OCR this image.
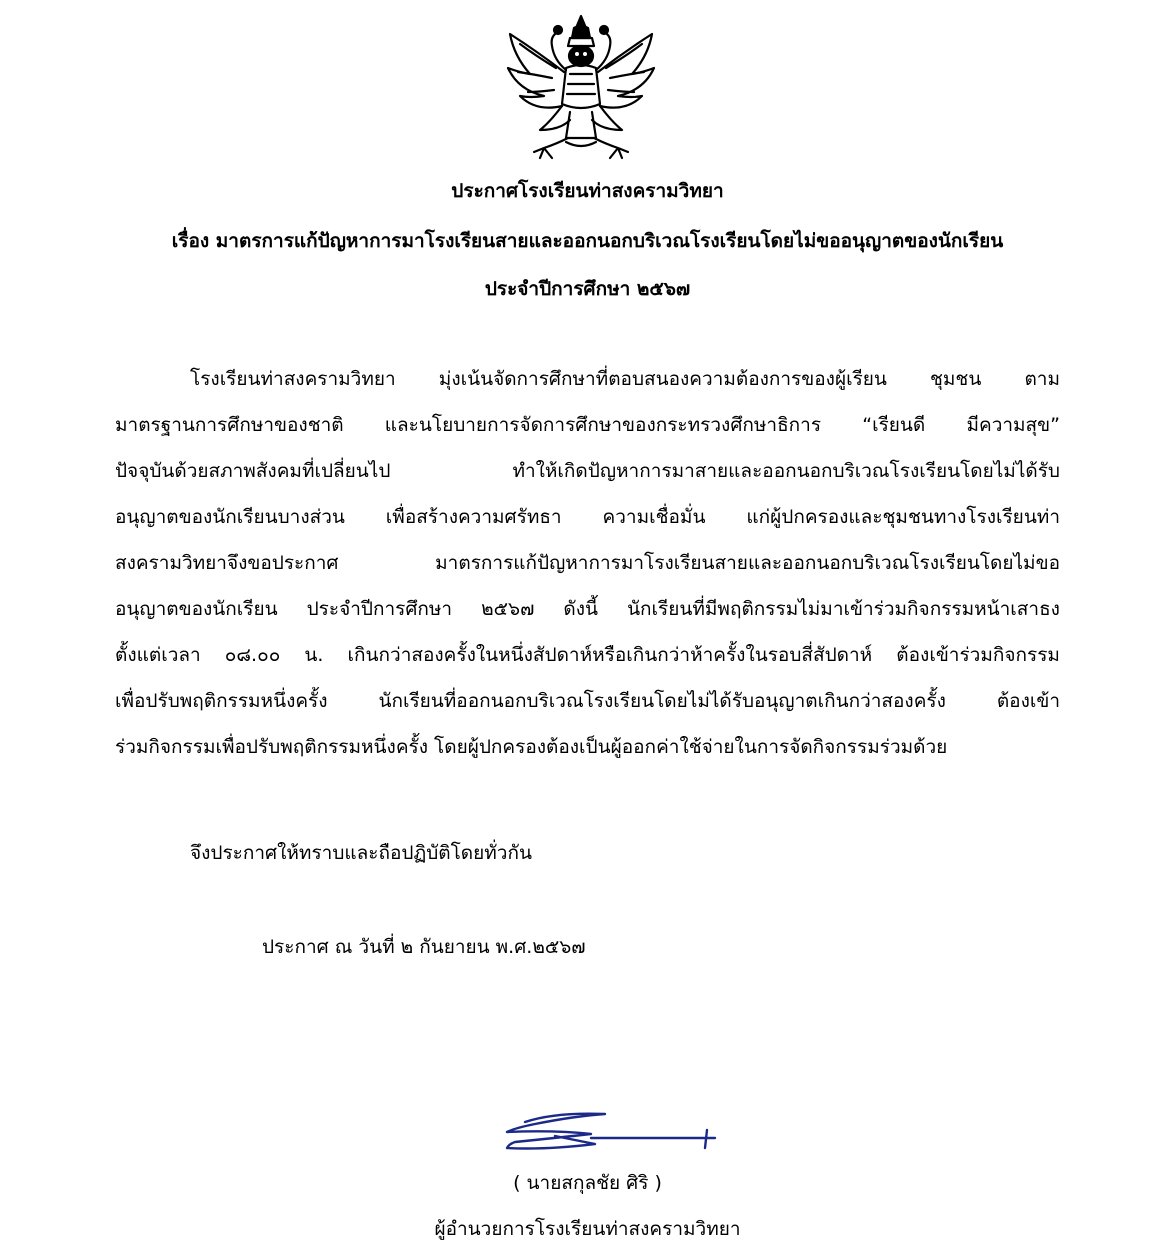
ประกาศโรงเรียนท่าสงครามวิทยา
เรื่อง มาตรการแก้ปัญหาการมาโรงเรียนสายและออกนอกบริเวณโรงเรียนโดยไม่ขออนุญาตของนักเรียน
ประจำปีการศึกษา ๒๕๖๗
โรงเรียนท่าสงครามวิทยา มุ่งเน้นจัดการศึกษาที่ตอบสนองความต้องการของผู้เรียน ชุมชน ตาม
มาตรฐานการศึกษาของชาติ และนโยบายการจัดการศึกษาของกระทรวงศึกษาธิการ “เรียนดี มีความสุข”
ปัจจุบันด้วยสภาพสังคมที่เปลี่ยนไป	ทำให้เกิดปัญหาการมาสายและออกนอกบริเวณโรงเรียนโดยไม่ได้รับ
อนุญาตของนักเรียนบางส่วน เพื่อสร้างความศรัทธา ความเชื่อมั่น แก่ผู้ปกครองและชุมชนทางโรงเรียนท่า
สงครามวิทยาจึงขอประกาศ	มาตรการแก้ปัญหาการมาโรงเรียนสายและออกนอกบริเวณโรงเรียนโดยไม่ขอ
อนุญาตของนักเรียน ประจำปีการศึกษา ๒๕๖๗ ดังนี้ นักเรียนที่มีพฤติกรรมไม่มาเข้าร่วมกิจกรรมหน้าเสาธง
ตั้งแต่เวลา ๐๘.๐๐ น. เกินกว่าสองครั้งในหนึ่งสัปดาห์หรือเกินกว่าห้าครั้งในรอบสี่สัปดาห์ ต้องเข้าร่วมกิจกรรม
เพื่อปรับพฤติกรรมหนึ่งครั้ง	นักเรียนที่ออกนอกบริเวณโรงเรียนโดยไม่ได้รับอนุญาตเกินกว่าสองครั้ง	ต้องเข้า
ร่วมกิจกรรมเพื่อปรับพฤติกรรมหนึ่งครั้ง โดยผู้ปกครองต้องเป็นผู้ออกค่าใช้จ่ายในการจัดกิจกรรมร่วมด้วย
จึงประกาศให้ทราบและถือปฏิบัติโดยทั่วกัน
ประกาศ ณ วันที่ ๒ กันยายน พ.ศ.๒๕๖๗
( นายสกุลชัย ศิริ )
ผู้อำนวยการโรงเรียนท่าสงครามวิทยา
